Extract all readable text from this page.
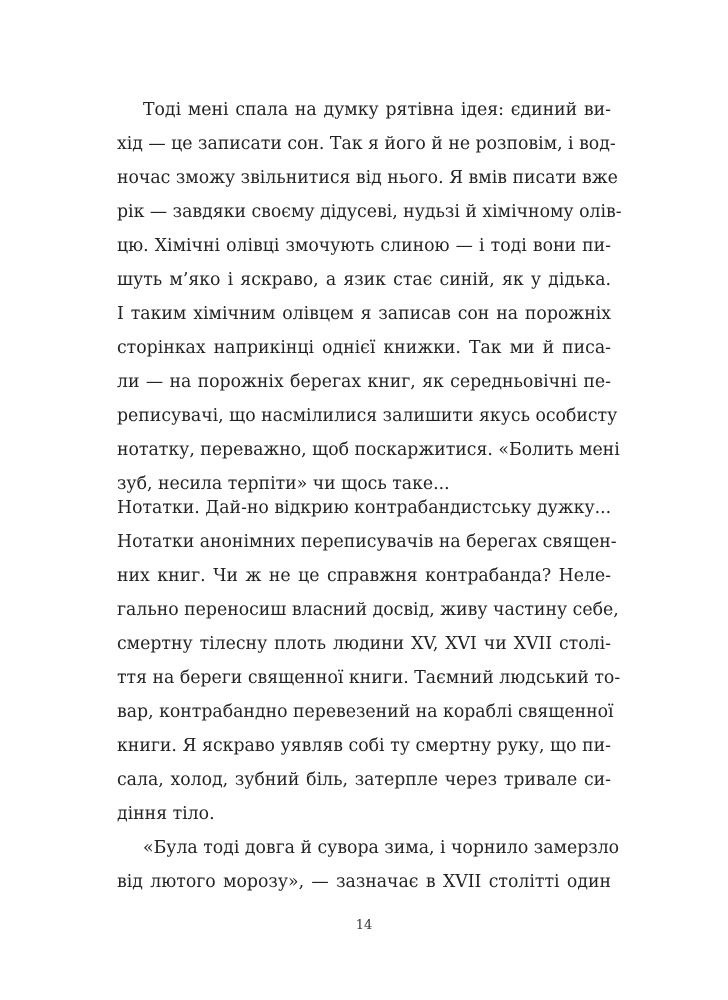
Тоді мені спала на думку рятівна ідея: єдиний ви-
хід — це записати сон. Так я його й не розповім, і вод-
ночас зможу звільнитися від нього. Я вмів писати вже
рік — завдяки своєму дідусеві, нудьзі й хімічному олів-
цю. Хімічні олівці змочують слиною — і тоді вони пи-
шуть м’яко і яскраво, а язик стає синій, як у дідька.
І таким хімічним олівцем я записав сон на порожніх
сторінках наприкінці однієї книжки. Так ми й писа-
ли — на порожніх берегах книг, як середньовічні пе-
реписувачі, що насмілилися залишити якусь особисту
нотатку, переважно, щоб поскаржитися. «Болить мені
зуб, несила терпіти» чи щось таке...
Нотатки. Дай-но відкрию контрабандистську дужку...
Нотатки анонімних переписувачів на берегах священ-
них книг. Чи ж не це справжня контрабанда? Неле-
гально переносиш власний досвід, живу частину себе,
смертну тілесну плоть людини XV, XVI чи XVII столі-
ття на береги священної книги. Таємний людський то-
вар, контрабандно перевезений на кораблі священної
книги. Я яскраво уявляв собі ту смертну руку, що пи-
сала, холод, зубний біль, затерпле через тривале си-
діння тіло.
«Була тоді довга й сувора зима, і чорнило замерзло
14
від лютого морозу», — зазначає в XVII столітті один
